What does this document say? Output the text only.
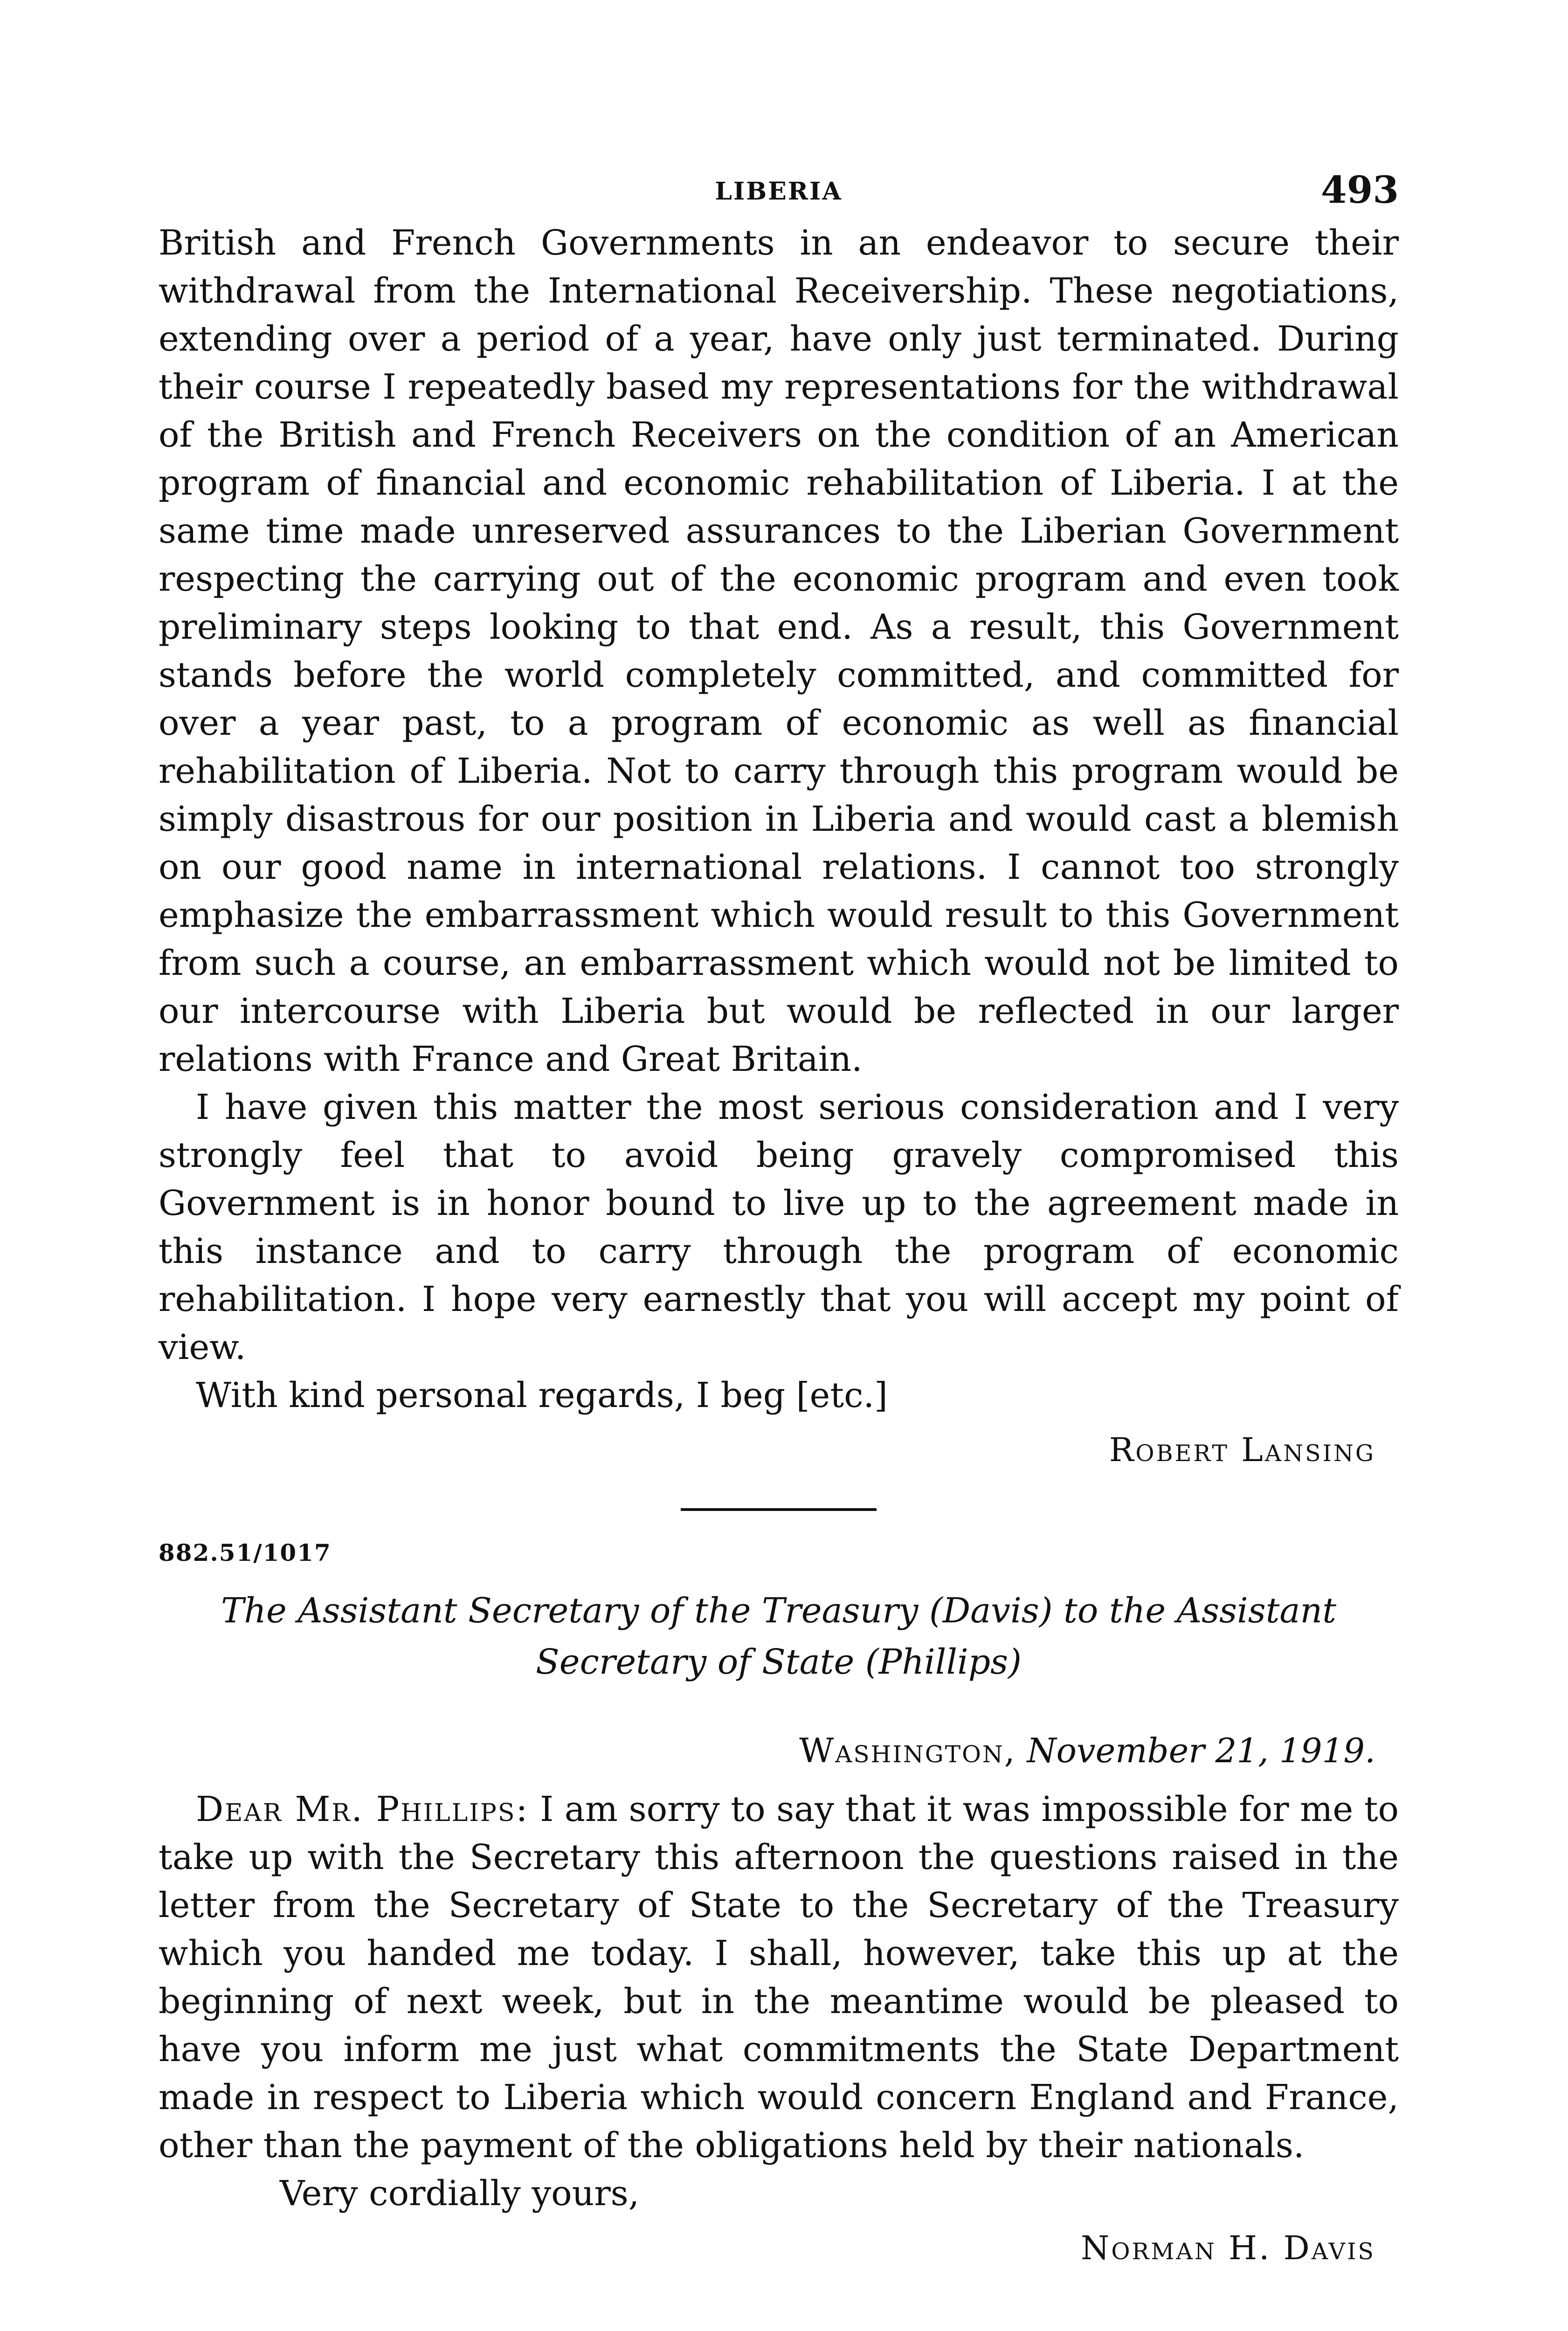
LIBERIA	493

British and French Governments in an endeavor to secure their withdrawal from the International Receivership. These negotiations, extending over a period of a year, have only just terminated. During their course I repeatedly based my representations for the withdrawal of the British and French Receivers on the condition of an American program of financial and economic rehabilitation of Liberia. I at the same time made unreserved assurances to the Liberian Government respecting the carrying out of the economic program and even took preliminary steps looking to that end. As a result, this Government stands before the world completely committed, and committed for over a year past, to a program of economic as well as financial rehabilitation of Liberia. Not to carry through this program would be simply disastrous for our position in Liberia and would cast a blemish on our good name in international relations. I cannot too strongly emphasize the embarrassment which would result to this Government from such a course, an embarrassment which would not be limited to our intercourse with Liberia but would be reflected in our larger relations with France and Great Britain.

I have given this matter the most serious consideration and I very strongly feel that to avoid being gravely compromised this Government is in honor bound to live up to the agreement made in this instance and to carry through the program of economic rehabilitation. I hope very earnestly that you will accept my point of view.

With kind personal regards, I beg [etc.]

Robert Lansing
882.51/1017

The Assistant Secretary of the Treasury (Davis) to the Assistant Secretary of State (Phillips)

Washington, November 21, 1919.

Dear Mr. Phillips: I am sorry to say that it was impossible for me to take up with the Secretary this afternoon the questions raised in the letter from the Secretary of State to the Secretary of the Treasury which you handed me today. I shall, however, take this up at the beginning of next week, but in the meantime would be pleased to have you inform me just what commitments the State Department made in respect to Liberia which would concern England and France, other than the payment of the obligations held by their nationals.

Very cordially yours,
Norman H. Davis
